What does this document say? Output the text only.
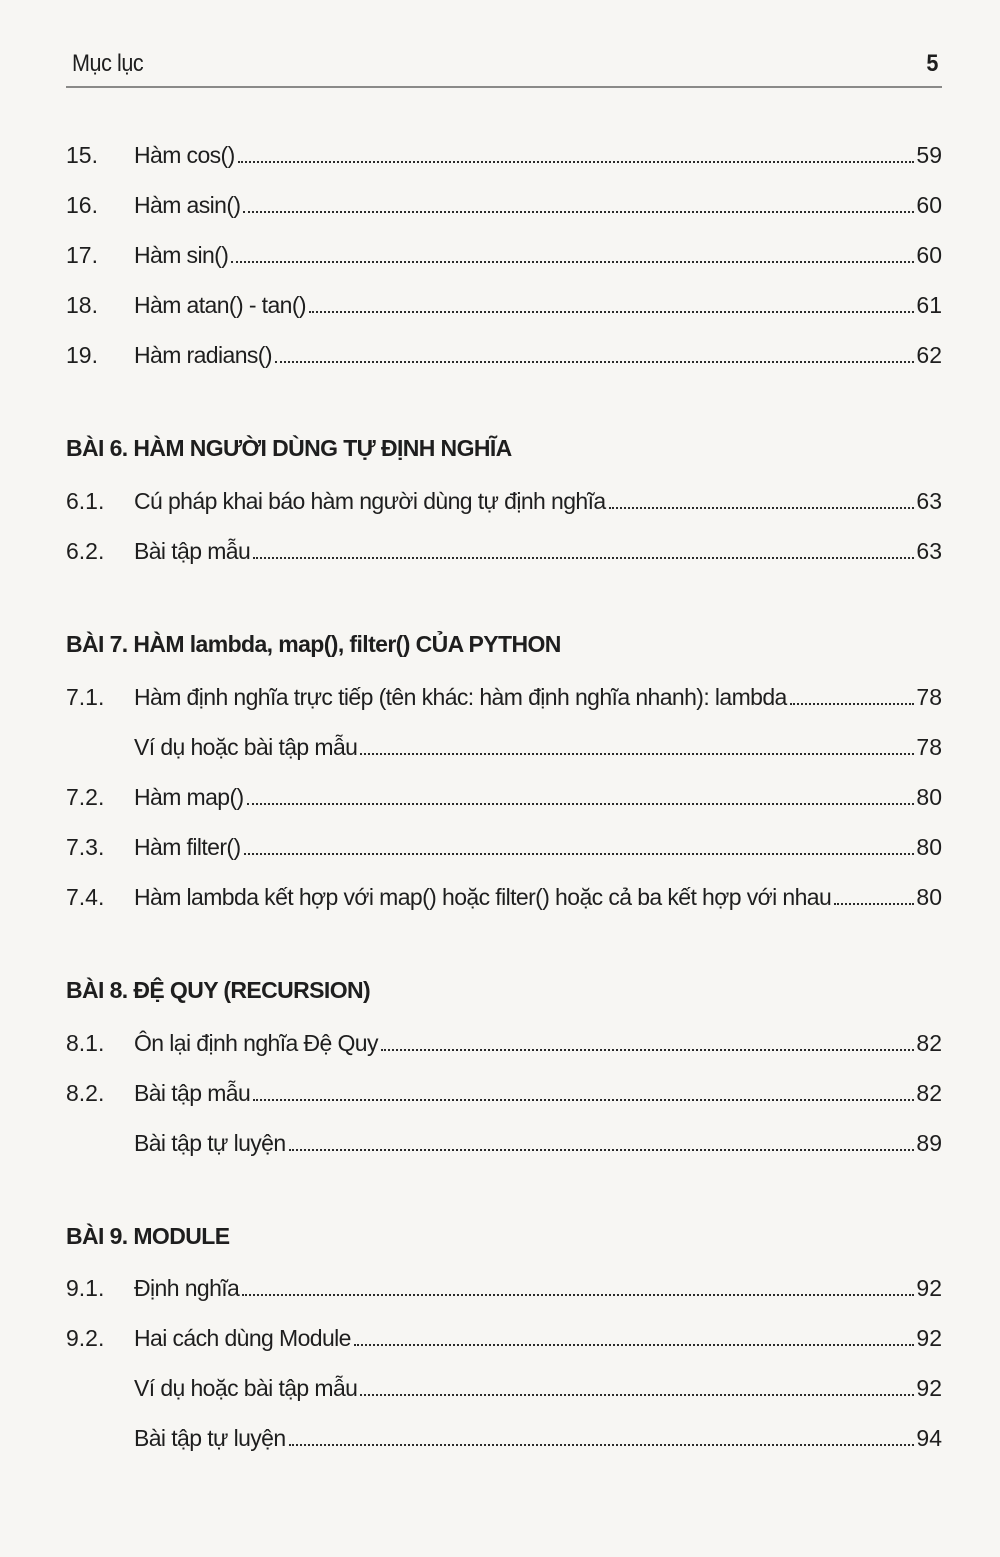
Mục lục	5
15.	Hàm cos()	59
16.	Hàm asin()	60
17.	Hàm sin()	60
18.	Hàm atan() - tan()	61
19.	Hàm radians()	62
BÀI 6. HÀM NGƯỜI DÙNG TỰ ĐỊNH NGHĨA
6.1.	Cú pháp khai báo hàm người dùng tự định nghĩa	63
6.2.	Bài tập mẫu	63
BÀI 7. HÀM lambda, map(), filter() CỦA PYTHON
7.1.	Hàm định nghĩa trực tiếp (tên khác: hàm định nghĩa nhanh): lambda	78
Ví dụ hoặc bài tập mẫu	78
7.2.	Hàm map()	80
7.3.	Hàm filter()	80
7.4.	Hàm lambda kết hợp với map() hoặc filter() hoặc cả ba kết hợp với nhau	80
BÀI 8. ĐỆ QUY (RECURSION)
8.1.	Ôn lại định nghĩa Đệ Quy	82
8.2.	Bài tập mẫu	82
Bài tập tự luyện	89
BÀI 9. MODULE
9.1.	Định nghĩa	92
9.2.	Hai cách dùng Module	92
Ví dụ hoặc bài tập mẫu	92
Bài tập tự luyện	94
